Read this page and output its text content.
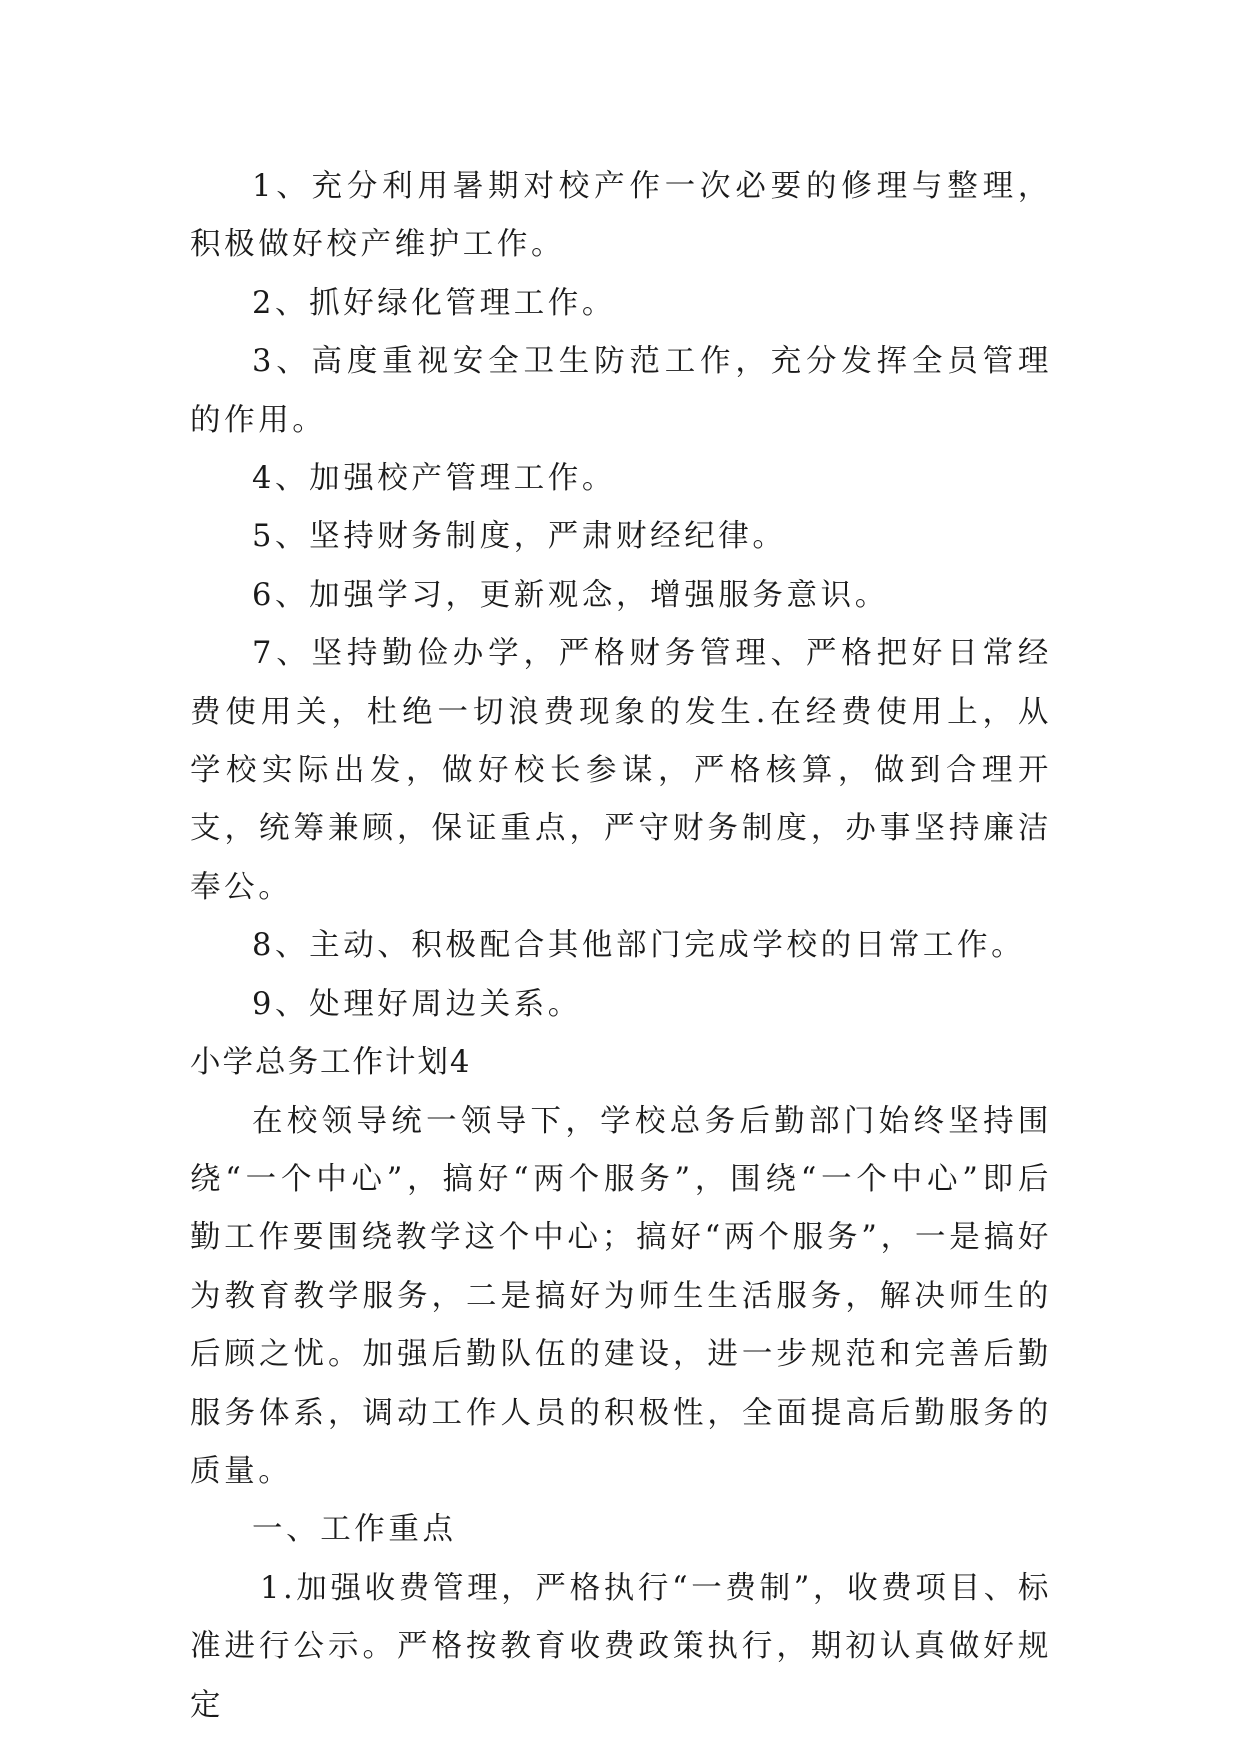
1、充分利用暑期对校产作一次必要的修理与整理，积极做好校产维护工作。

2、抓好绿化管理工作。

3、高度重视安全卫生防范工作，充分发挥全员管理的作用。

4、加强校产管理工作。

5、坚持财务制度，严肃财经纪律。

6、加强学习，更新观念，增强服务意识。

7、坚持勤俭办学，严格财务管理、严格把好日常经费使用关，杜绝一切浪费现象的发生.在经费使用上，从学校实际出发，做好校长参谋，严格核算，做到合理开支，统筹兼顾，保证重点，严守财务制度，办事坚持廉洁奉公。

8、主动、积极配合其他部门完成学校的日常工作。

9、处理好周边关系。

小学总务工作计划4

在校领导统一领导下，学校总务后勤部门始终坚持围绕“一个中心”，搞好“两个服务”，围绕“一个中心”即后勤工作要围绕教学这个中心；搞好“两个服务”，一是搞好为教育教学服务，二是搞好为师生生活服务，解决师生的后顾之忧。加强后勤队伍的建设，进一步规范和完善后勤服务体系，调动工作人员的积极性，全面提高后勤服务的质量。

一、工作重点

1.加强收费管理，严格执行“一费制”，收费项目、标准进行公示。严格按教育收费政策执行，期初认真做好规定
